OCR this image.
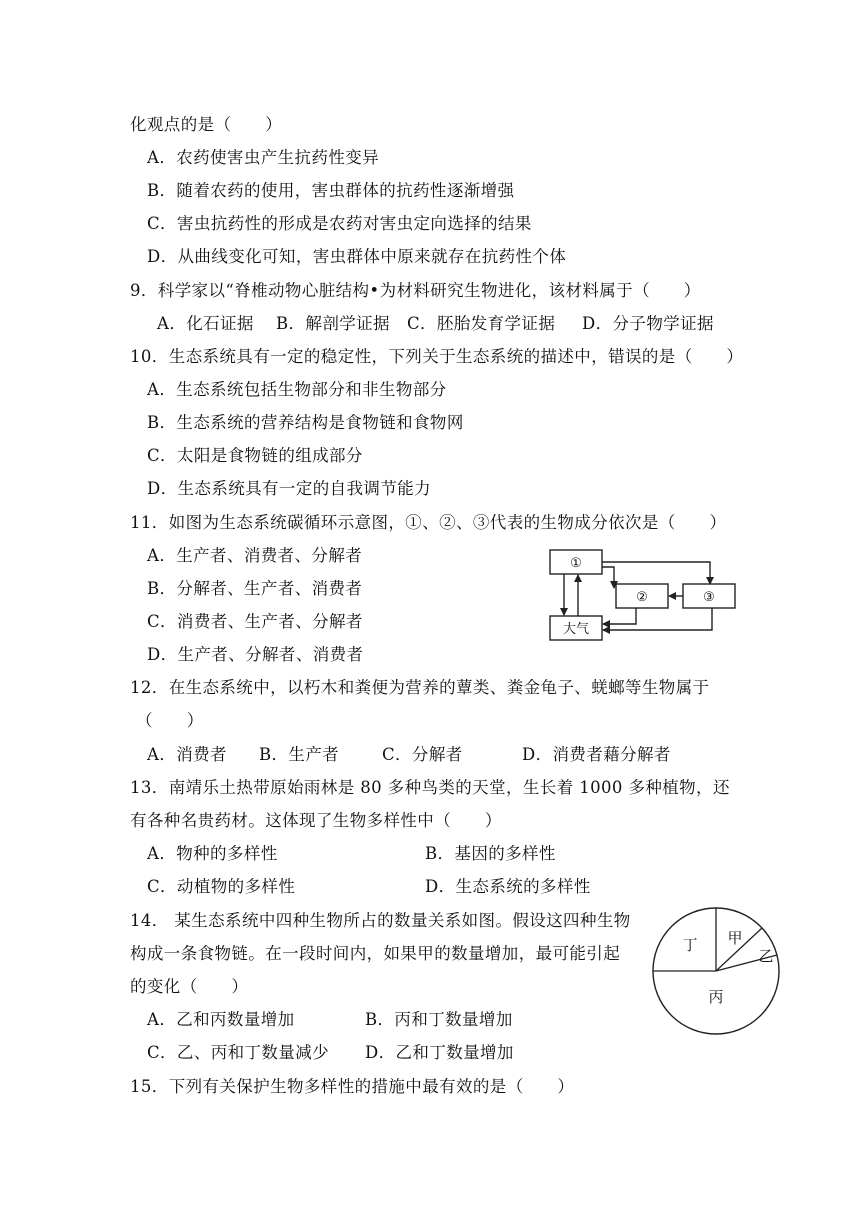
化观点的是（　　）
A．农药使害虫产生抗药性变异
B．随着农药的使用，害虫群体的抗药性逐渐增强
C．害虫抗药性的形成是农药对害虫定向选择的结果
D．从曲线变化可知，害虫群体中原来就存在抗药性个体
9．科学家以“脊椎动物心脏结构•为材料研究生物进化，该材料属于（　　）
A．化石证据 B．解剖学证据 C．胚胎发育学证据 D．分子物学证据
10．生态系统具有一定的稳定性，下列关于生态系统的描述中，错误的是（　　）
A．生态系统包括生物部分和非生物部分
B．生态系统的营养结构是食物链和食物网
C．太阳是食物链的组成部分
D．生态系统具有一定的自我调节能力
11．如图为生态系统碳循环示意图，①、②、③代表的生物成分依次是（　　）
A．生产者、消费者、分解者
B．分解者、生产者、消费者
C．消费者、生产者、分解者
D．生产者、分解者、消费者
①
②	③
大气
12．在生态系统中，以朽木和粪便为营养的蕈类、粪金龟子、蜣螂等生物属于
（　　）
A．消费者 B．生产者	C．分解者	D．消费者藉分解者
13．南靖乐土热带原始雨林是 80 多种鸟类的天堂，生长着 1000 多种植物，还
有各种名贵药材。这体现了生物多样性中（　　）
A．物种的多样性	B．基因的多样性
C．动植物的多样性	D．生态系统的多样性
14． 某生态系统中四种生物所占的数量关系如图。假设这四种生物
构成一条食物链。在一段时间内，如果甲的数量增加，最可能引起
的变化（　　）
A．乙和丙数量增加	B．丙和丁数量增加
C．乙、丙和丁数量减少 D．乙和丁数量增加
丁 甲
乙
丙
15．下列有关保护生物多样性的措施中最有效的是（　　）
